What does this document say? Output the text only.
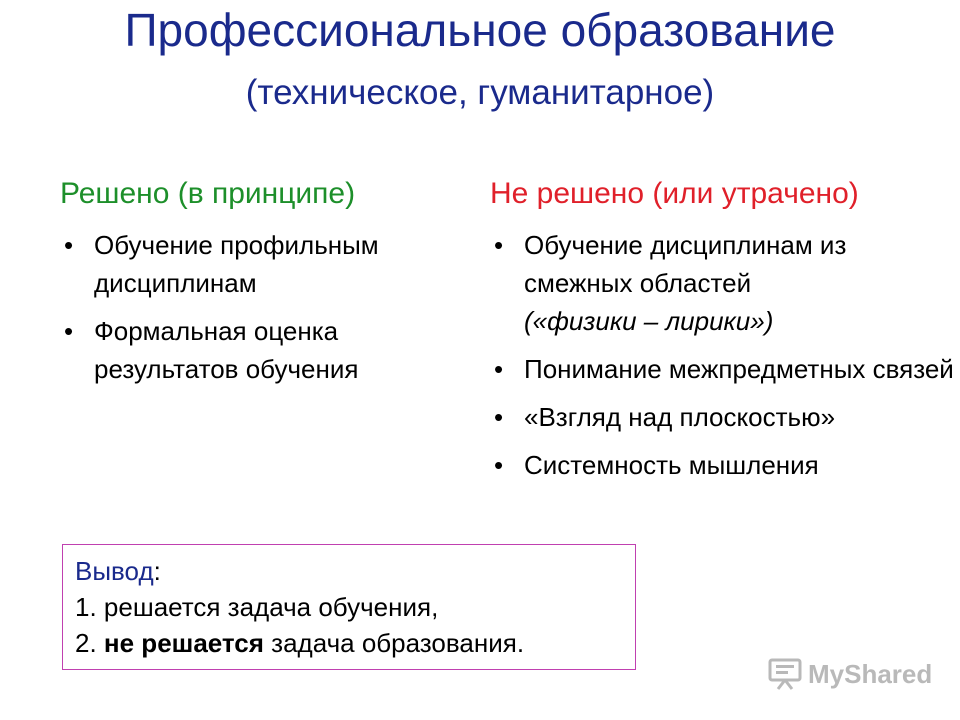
Профессиональное образование
(техническое, гуманитарное)
Решено (в принципе)
• Обучение профильным дисциплинам
• Формальная оценка результатов обучения
Не решено (или утрачено)
• Обучение дисциплинам из смежных областей
(«физики – лирики»)
• Понимание межпредметных связей
• «Взгляд над плоскостью»
• Системность мышления
Вывод:
1. решается задача обучения,
2. не решается задача образования.
MyShared
